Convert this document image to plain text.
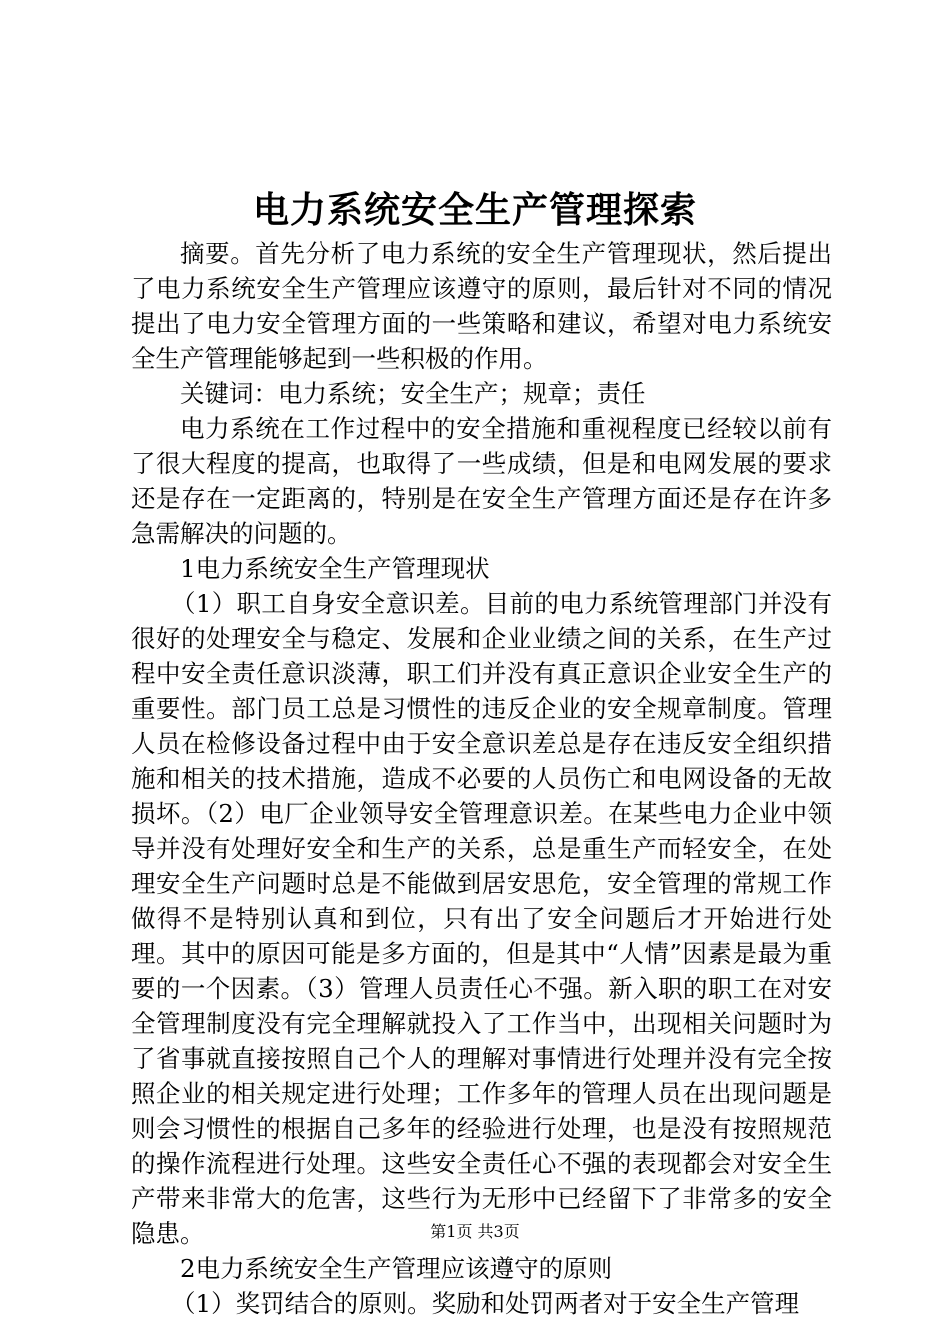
电力系统安全生产管理探索

摘要。首先分析了电力系统的安全生产管理现状，然后提出了电力系统安全生产管理应该遵守的原则，最后针对不同的情况提出了电力安全管理方面的一些策略和建议，希望对电力系统安全生产管理能够起到一些积极的作用。

关键词：电力系统；安全生产；规章；责任

电力系统在工作过程中的安全措施和重视程度已经较以前有了很大程度的提高，也取得了一些成绩，但是和电网发展的要求还是存在一定距离的，特别是在安全生产管理方面还是存在许多急需解决的问题的。

1电力系统安全生产管理现状

（1）职工自身安全意识差。目前的电力系统管理部门并没有很好的处理安全与稳定、发展和企业业绩之间的关系，在生产过程中安全责任意识淡薄，职工们并没有真正意识企业安全生产的重要性。部门员工总是习惯性的违反企业的安全规章制度。管理人员在检修设备过程中由于安全意识差总是存在违反安全组织措施和相关的技术措施，造成不必要的人员伤亡和电网设备的无故损坏。（2）电厂企业领导安全管理意识差。在某些电力企业中领导并没有处理好安全和生产的关系，总是重生产而轻安全，在处理安全生产问题时总是不能做到居安思危，安全管理的常规工作做得不是特别认真和到位，只有出了安全问题后才开始进行处理。其中的原因可能是多方面的，但是其中“人情”因素是最为重要的一个因素。（3）管理人员责任心不强。新入职的职工在对安全管理制度没有完全理解就投入了工作当中，出现相关问题时为了省事就直接按照自己个人的理解对事情进行处理并没有完全按照企业的相关规定进行处理；工作多年的管理人员在出现问题是则会习惯性的根据自己多年的经验进行处理，也是没有按照规范的操作流程进行处理。这些安全责任心不强的表现都会对安全生产带来非常大的危害，这些行为无形中已经留下了非常多的安全隐患。

2电力系统安全生产管理应该遵守的原则

（1）奖罚结合的原则。奖励和处罚两者对于安全生产管理

第1页 共3页
